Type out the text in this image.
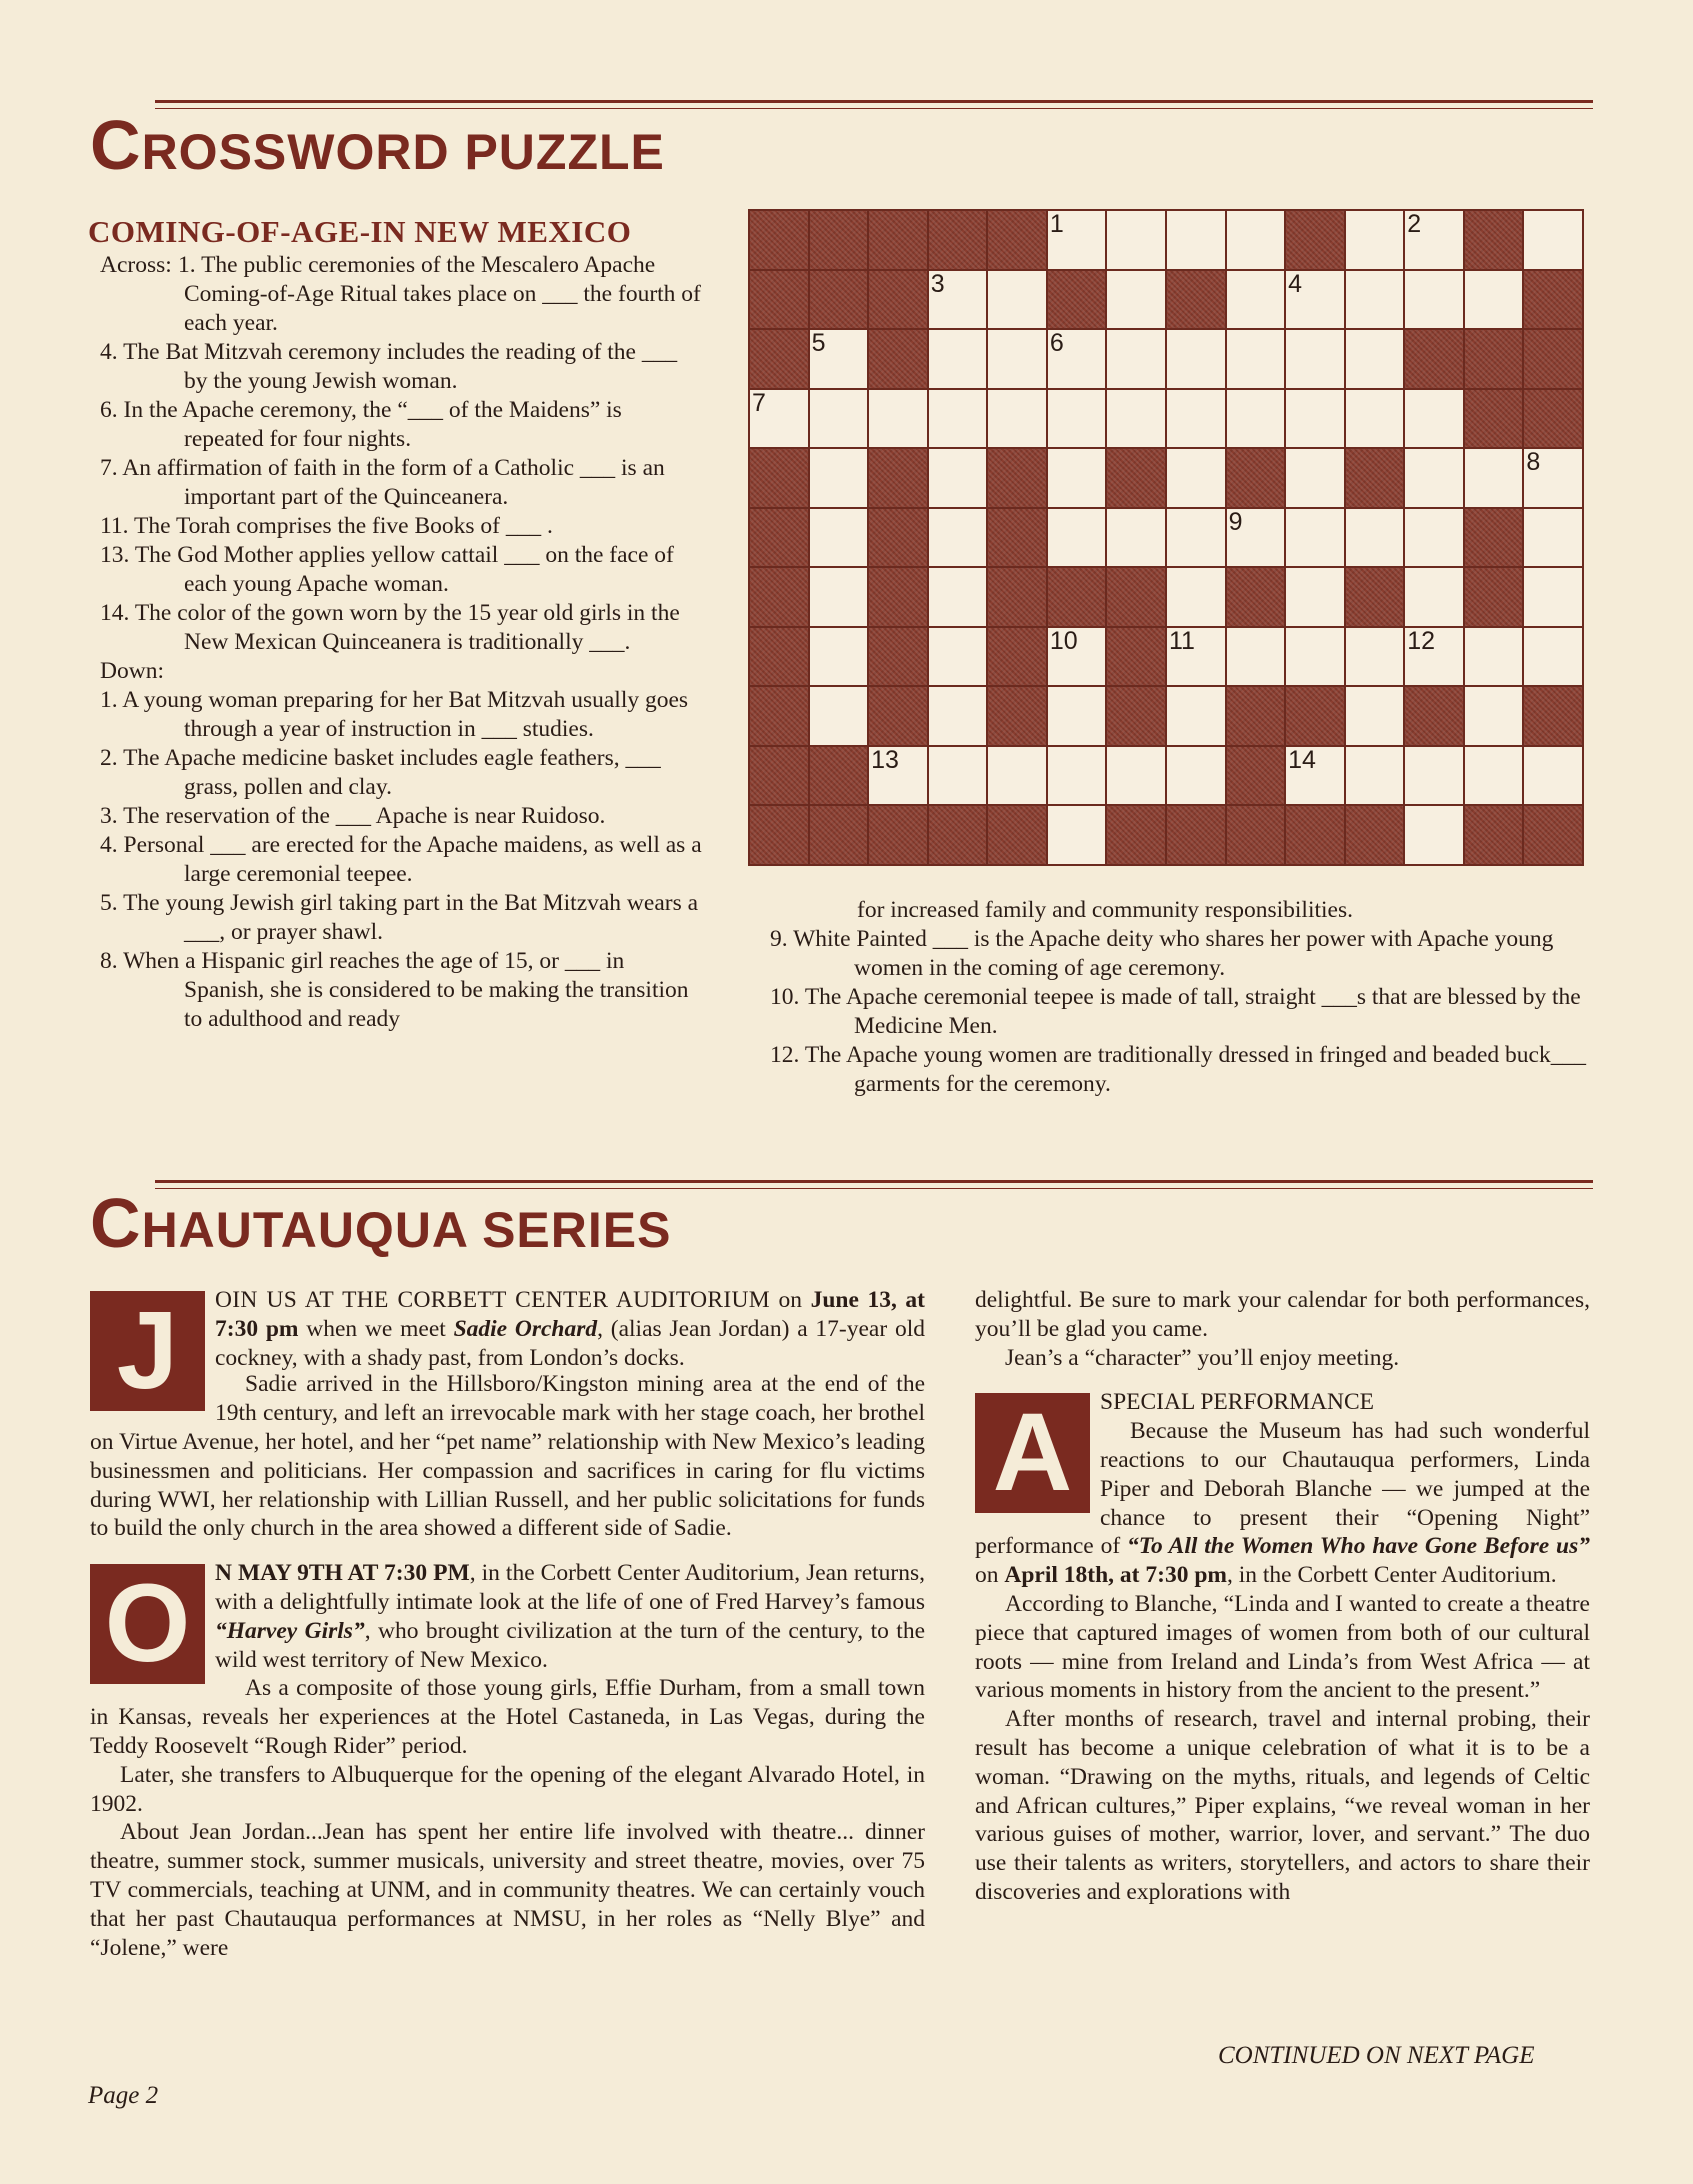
CROSSWORD PUZZLE
COMING-OF-AGE-IN NEW MEXICO

Across: 1. The public ceremonies of the Mescalero Apache Coming-of-Age Ritual takes place on ___ the fourth of each year.

4. The Bat Mitzvah ceremony includes the reading of the ___ by the young Jewish woman.

6. In the Apache ceremony, the “___ of the Maidens” is repeated for four nights.

7. An affirmation of faith in the form of a Catholic ___ is an important part of the Quinceanera.

11. The Torah comprises the five Books of ___ .

13. The God Mother applies yellow cattail ___ on the face of each young Apache woman.

14. The color of the gown worn by the 15 year old girls in the New Mexican Quinceanera is traditionally ___.

Down:

1. A young woman preparing for her Bat Mitzvah usually goes through a year of instruction in ___ studies.

2. The Apache medicine basket includes eagle feathers, ___ grass, pollen and clay.

3. The reservation of the ___ Apache is near Ruidoso.

4. Personal ___ are erected for the Apache maidens, as well as a large ceremonial teepee.

5. The young Jewish girl taking part in the Bat Mitzvah wears a ___, or prayer shawl.

8. When a Hispanic girl reaches the age of 15, or ___ in Spanish, she is considered to be making the transition to adulthood and ready

1	2
3	4
5	6
7
8
9
10	11	12
13	14

for increased family and community responsibilities.

9. White Painted ___ is the Apache deity who shares her power with Apache young women in the coming of age ceremony.

10. The Apache ceremonial teepee is made of tall, straight ___s that are blessed by the Medicine Men.

12. The Apache young women are traditionally dressed in fringed and beaded buck___ garments for the ceremony.

CHAUTAUQUA SERIES

J	OIN US AT THE CORBETT CENTER AUDITORIUM on June 13, at 7:30 pm when we meet Sadie Orchard, (alias Jean Jordan) a 17-year old cockney, with a shady past, from London’s docks.

Sadie arrived in the Hillsboro/Kingston mining area at the end of the 19th century, and left an irrevocable mark with her stage coach, her brothel on Virtue Avenue, her hotel, and her “pet name” relationship with New Mexico’s leading businessmen and politicians. Her compassion and sacrifices in caring for flu victims during WWI, her relationship with Lillian Russell, and her public solicitations for funds to build the only church in the area showed a different side of Sadie.

O	N MAY 9TH AT 7:30 PM, in the Corbett Center Auditorium, Jean returns, with a delightfully intimate look at the life of one of Fred Harvey’s famous “Harvey Girls”, who brought civilization at the turn of the century, to the wild west territory of New Mexico.

As a composite of those young girls, Effie Durham, from a small town in Kansas, reveals her experiences at the Hotel Castaneda, in Las Vegas, during the Teddy Roosevelt “Rough Rider” period.

Later, she transfers to Albuquerque for the opening of the elegant Alvarado Hotel, in 1902.

About Jean Jordan...Jean has spent her entire life involved with theatre... dinner theatre, summer stock, summer musicals, university and street theatre, movies, over 75 TV commercials, teaching at UNM, and in community theatres. We can certainly vouch that her past Chautauqua performances at NMSU, in her roles as “Nelly Blye” and “Jolene,” were

delightful. Be sure to mark your calendar for both performances, you’ll be glad you came.

Jean’s a “character” you’ll enjoy meeting.

A	SPECIAL PERFORMANCE
Because the Museum has had such wonderful reactions to our Chautauqua performers, Linda Piper and Deborah Blanche — we jumped at the chance to present their “Opening Night” performance of “To All the Women Who have Gone Before us” on April 18th, at 7:30 pm, in the Corbett Center Auditorium.

According to Blanche, “Linda and I wanted to create a theatre piece that captured images of women from both of our cultural roots — mine from Ireland and Linda’s from West Africa — at various moments in history from the ancient to the present.”

After months of research, travel and internal probing, their result has become a unique celebration of what it is to be a woman. “Drawing on the myths, rituals, and legends of Celtic and African cultures,” Piper explains, “we reveal woman in her various guises of mother, warrior, lover, and servant.” The duo use their talents as writers, storytellers, and actors to share their discoveries and explorations with

CONTINUED ON NEXT PAGE
Page 2
